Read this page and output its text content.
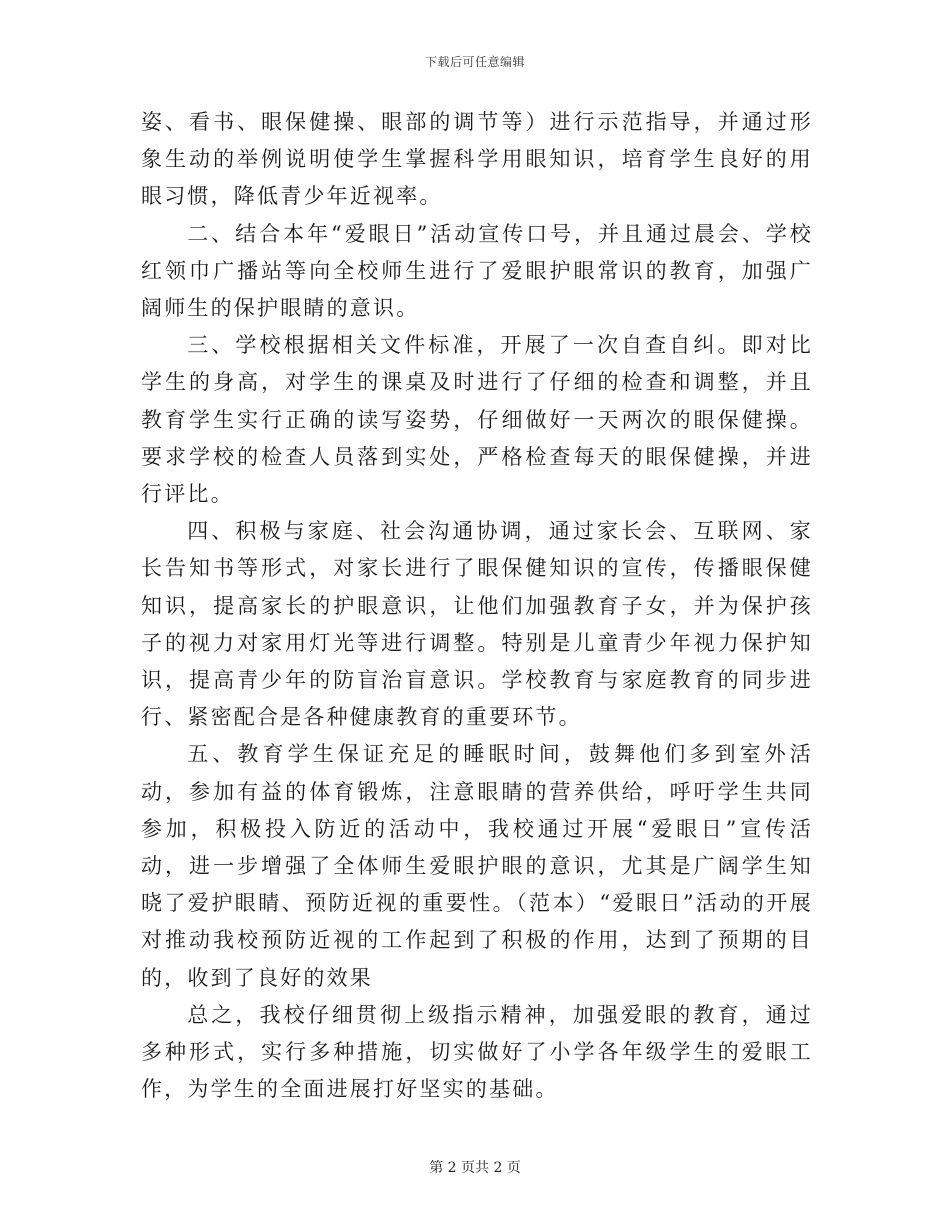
下载后可任意编辑

姿、看书、眼保健操、眼部的调节等）进行示范指导，并通过形象生动的举例说明使学生掌握科学用眼知识，培育学生良好的用眼习惯，降低青少年近视率。

二、结合本年“爱眼日”活动宣传口号，并且通过晨会、学校红领巾广播站等向全校师生进行了爱眼护眼常识的教育，加强广阔师生的保护眼睛的意识。

三、学校根据相关文件标准，开展了一次自查自纠。即对比学生的身高，对学生的课桌及时进行了仔细的检查和调整，并且教育学生实行正确的读写姿势，仔细做好一天两次的眼保健操。要求学校的检查人员落到实处，严格检查每天的眼保健操，并进行评比。

四、积极与家庭、社会沟通协调，通过家长会、互联网、家长告知书等形式，对家长进行了眼保健知识的宣传，传播眼保健知识，提高家长的护眼意识，让他们加强教育子女，并为保护孩子的视力对家用灯光等进行调整。特别是儿童青少年视力保护知识，提高青少年的防盲治盲意识。学校教育与家庭教育的同步进行、紧密配合是各种健康教育的重要环节。

五、教育学生保证充足的睡眠时间，鼓舞他们多到室外活动，参加有益的体育锻炼，注意眼睛的营养供给，呼吁学生共同参加，积极投入防近的活动中，我校通过开展“爱眼日”宣传活动，进一步增强了全体师生爱眼护眼的意识，尤其是广阔学生知晓了爱护眼睛、预防近视的重要性。（范本）“爱眼日”活动的开展对推动我校预防近视的工作起到了积极的作用，达到了预期的目的，收到了良好的效果

总之，我校仔细贯彻上级指示精神，加强爱眼的教育，通过多种形式，实行多种措施，切实做好了小学各年级学生的爱眼工作，为学生的全面进展打好坚实的基础。

第 2 页共 2 页
